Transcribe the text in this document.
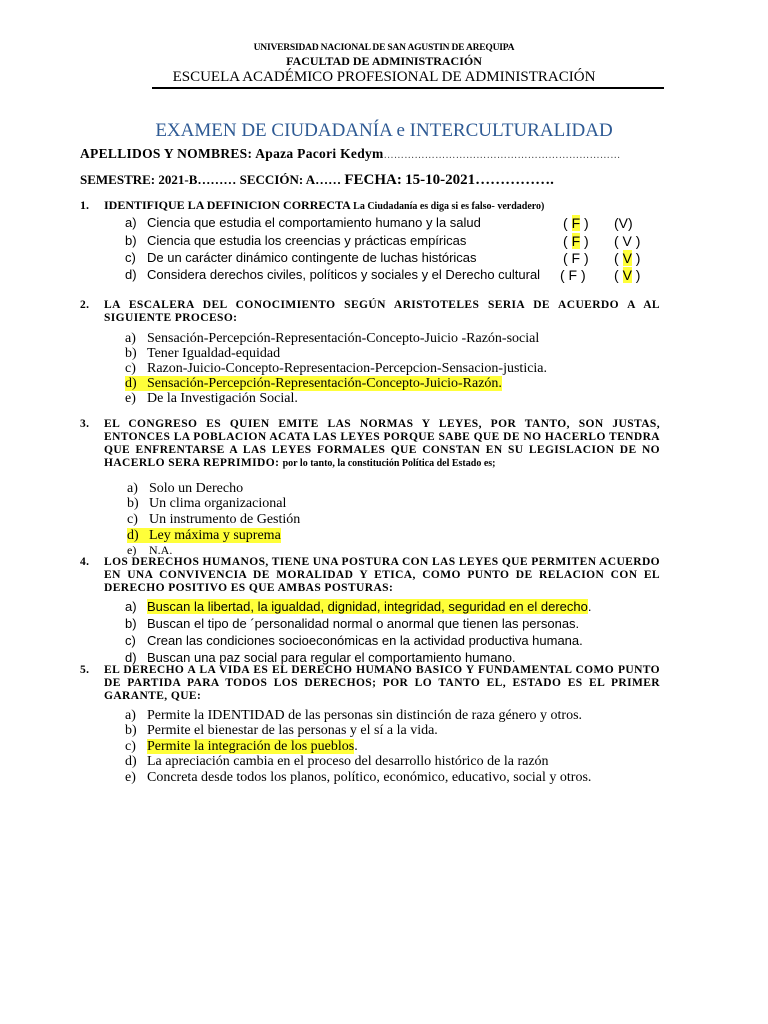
UNIVERSIDAD NACIONAL DE SAN AGUSTIN DE AREQUIPA
FACULTAD DE ADMINISTRACIÓN
ESCUELA ACADÉMICO PROFESIONAL DE ADMINISTRACIÓN
EXAMEN DE CIUDADANÍA e INTERCULTURALIDAD
APELLIDOS Y NOMBRES: Apaza Pacori Kedym……………………………………………………………
SEMESTRE: 2021-B……… SECCIÓN: A…… FECHA: 15-10-2021…………….
1. IDENTIFIQUE LA DEFINICION CORRECTA La Ciudadanía es diga si es falso- verdadero)
a) Ciencia que estudia el comportamiento humano y la salud	( F ) (V)
b) Ciencia que estudia los creencias y prácticas empíricas	( F ) ( V )
c) De un carácter dinámico contingente de luchas históricas	( F ) ( V )
d) Considera derechos civiles, políticos y sociales y el Derecho cultural ( F ) ( V )
2. LA ESCALERA DEL CONOCIMIENTO SEGÚN ARISTOTELES SERIA DE ACUERDO A AL SIGUIENTE PROCESO:
a) Sensación-Percepción-Representación-Concepto-Juicio -Razón-social
b) Tener Igualdad-equidad
c) Razon-Juicio-Concepto-Representacion-Percepcion-Sensacion-justicia.
d) Sensación-Percepción-Representación-Concepto-Juicio-Razón.
e) De la Investigación Social.
3. EL CONGRESO ES QUIEN EMITE LAS NORMAS Y LEYES, POR TANTO, SON JUSTAS, ENTONCES LA POBLACION ACATA LAS LEYES PORQUE SABE QUE DE NO HACERLO TENDRA QUE ENFRENTARSE A LAS LEYES FORMALES QUE CONSTAN EN SU LEGISLACION DE NO HACERLO SERA REPRIMIDO: por lo tanto, la constitución Política del Estado es;
a) Solo un Derecho
b) Un clima organizacional
c) Un instrumento de Gestión
d) Ley máxima y suprema
e) N.A.
4. LOS DERECHOS HUMANOS, TIENE UNA POSTURA CON LAS LEYES QUE PERMITEN ACUERDO EN UNA CONVIVENCIA DE MORALIDAD Y ETICA, COMO PUNTO DE RELACION CON EL DERECHO POSITIVO ES QUE AMBAS POSTURAS:
a) Buscan la libertad, la igualdad, dignidad, integridad, seguridad en el derecho.
b) Buscan el tipo de ´personalidad normal o anormal que tienen las personas.
c) Crean las condiciones socioeconómicas en la actividad productiva humana.
d) Buscan una paz social para regular el comportamiento humano.
5. EL DERECHO A LA VIDA ES EL DERECHO HUMANO BASICO Y FUNDAMENTAL COMO PUNTO DE PARTIDA PARA TODOS LOS DERECHOS; POR LO TANTO EL, ESTADO ES EL PRIMER GARANTE, QUE:
a) Permite la IDENTIDAD de las personas sin distinción de raza género y otros.
b) Permite el bienestar de las personas y el sí a la vida.
c) Permite la integración de los pueblos.
d) La apreciación cambia en el proceso del desarrollo histórico de la razón
e) Concreta desde todos los planos, político, económico, educativo, social y otros.
